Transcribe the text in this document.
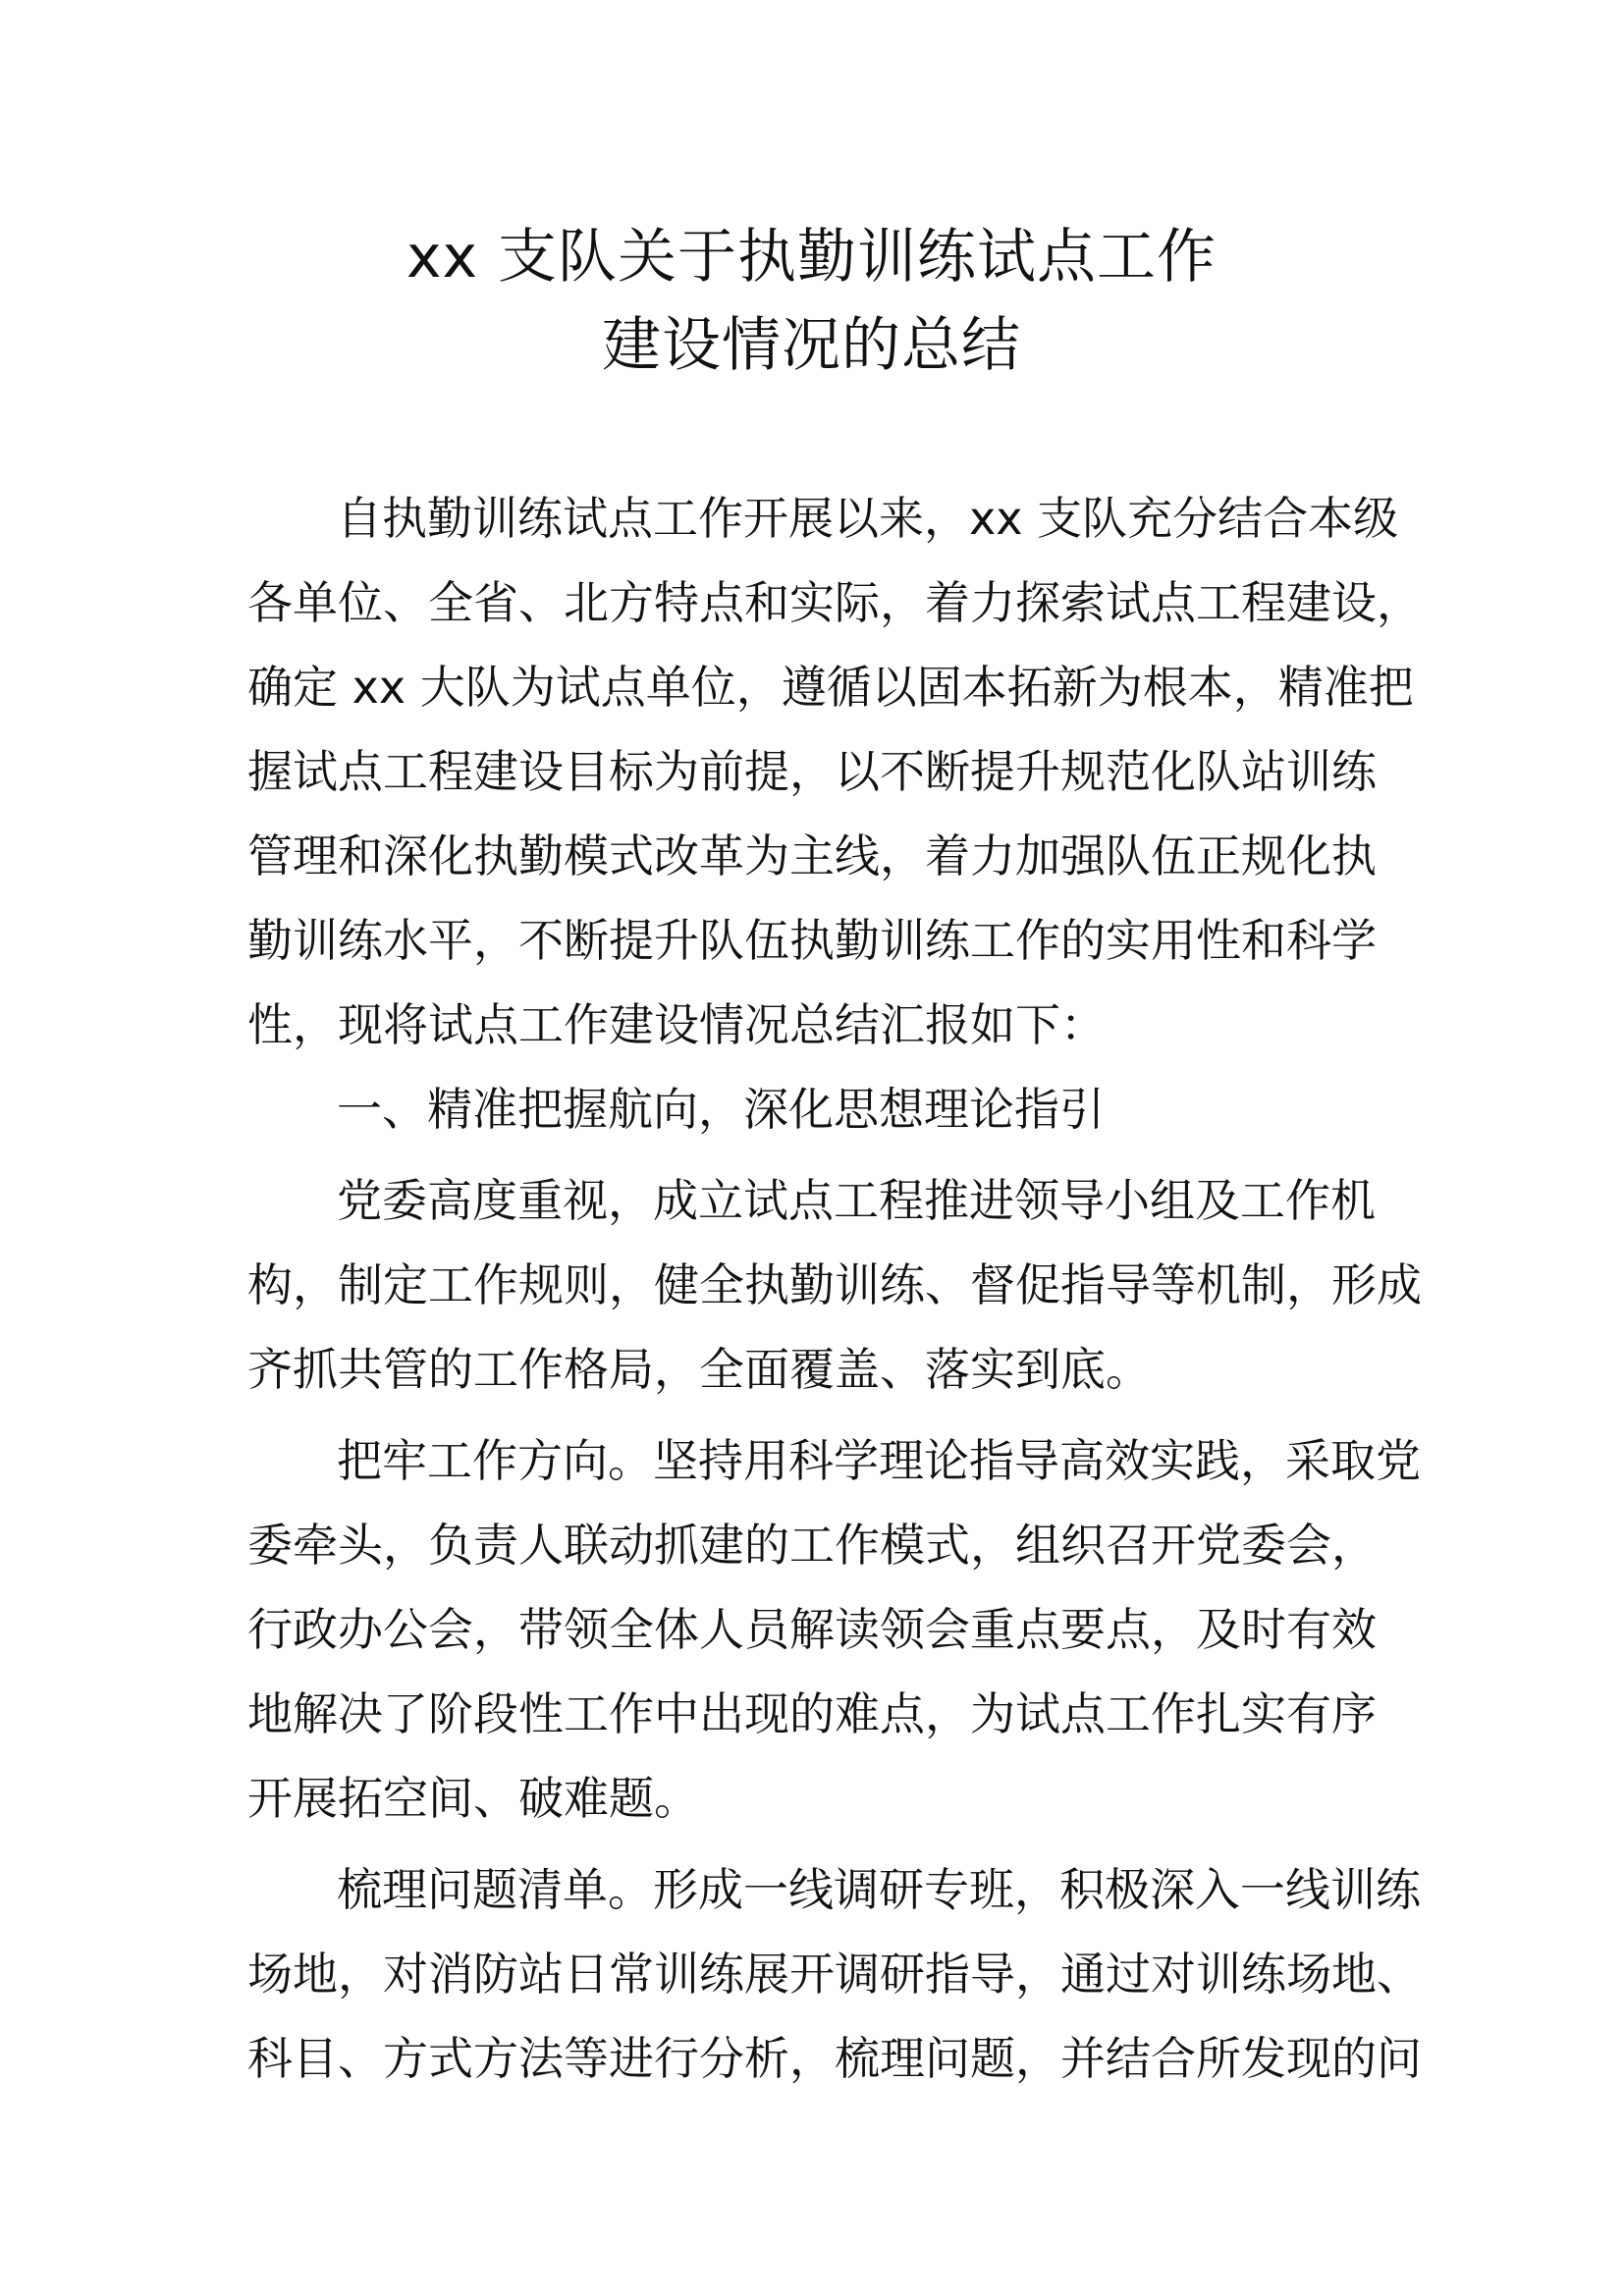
xx 支队关于执勤训练试点工作
建设情况的总结
自执勤训练试点工作开展以来，xx 支队充分结合本级
各单位、全省、北方特点和实际，着力探索试点工程建设，
确定 xx 大队为试点单位，遵循以固本拓新为根本，精准把
握试点工程建设目标为前提，以不断提升规范化队站训练
管理和深化执勤模式改革为主线，着力加强队伍正规化执
勤训练水平，不断提升队伍执勤训练工作的实用性和科学
性，现将试点工作建设情况总结汇报如下：
一、精准把握航向，深化思想理论指引
党委高度重视，成立试点工程推进领导小组及工作机
构，制定工作规则，健全执勤训练、督促指导等机制，形成
齐抓共管的工作格局，全面覆盖、落实到底。
把牢工作方向。坚持用科学理论指导高效实践，采取党
委牵头，负责人联动抓建的工作模式，组织召开党委会，
行政办公会，带领全体人员解读领会重点要点，及时有效
地解决了阶段性工作中出现的难点，为试点工作扎实有序
开展拓空间、破难题。
梳理问题清单。形成一线调研专班，积极深入一线训练
场地，对消防站日常训练展开调研指导，通过对训练场地、
科目、方式方法等进行分析，梳理问题，并结合所发现的问
